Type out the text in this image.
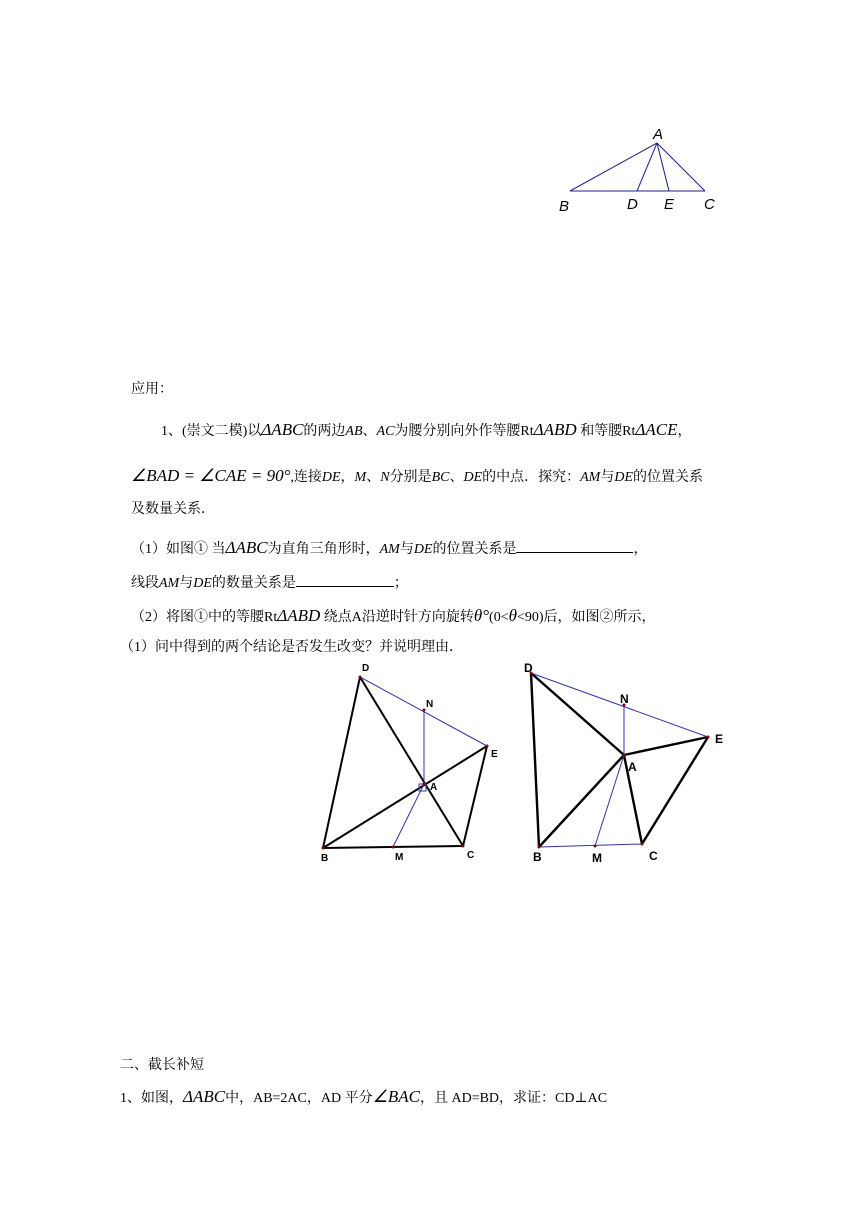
A
B	D E C
应用：
1、(崇文二模)以ΔABC的两边AB、AC为腰分别向外作等腰RtΔABD 和等腰RtΔACE，
∠BAD = ∠CAE = 90°,连接DE，M、N分别是BC、DE的中点．探究：AM与DE的位置关系
及数量关系．
（1）如图① 当ΔABC为直角三角形时，AM与DE的位置关系是	，
线段AM与DE的数量关系是	；
（2）将图①中的等腰RtΔABD 绕点A沿逆时针方向旋转θ°(0<θ<90)后，如图②所示，
（1）问中得到的两个结论是否发生改变？并说明理由．
D
N
E
A
B	M	C
D
N
E
A
B	M	C
二、截长补短
1、如图，ΔABC中，AB=2AC，AD 平分∠BAC，且 AD=BD，求证：CD⊥AC
